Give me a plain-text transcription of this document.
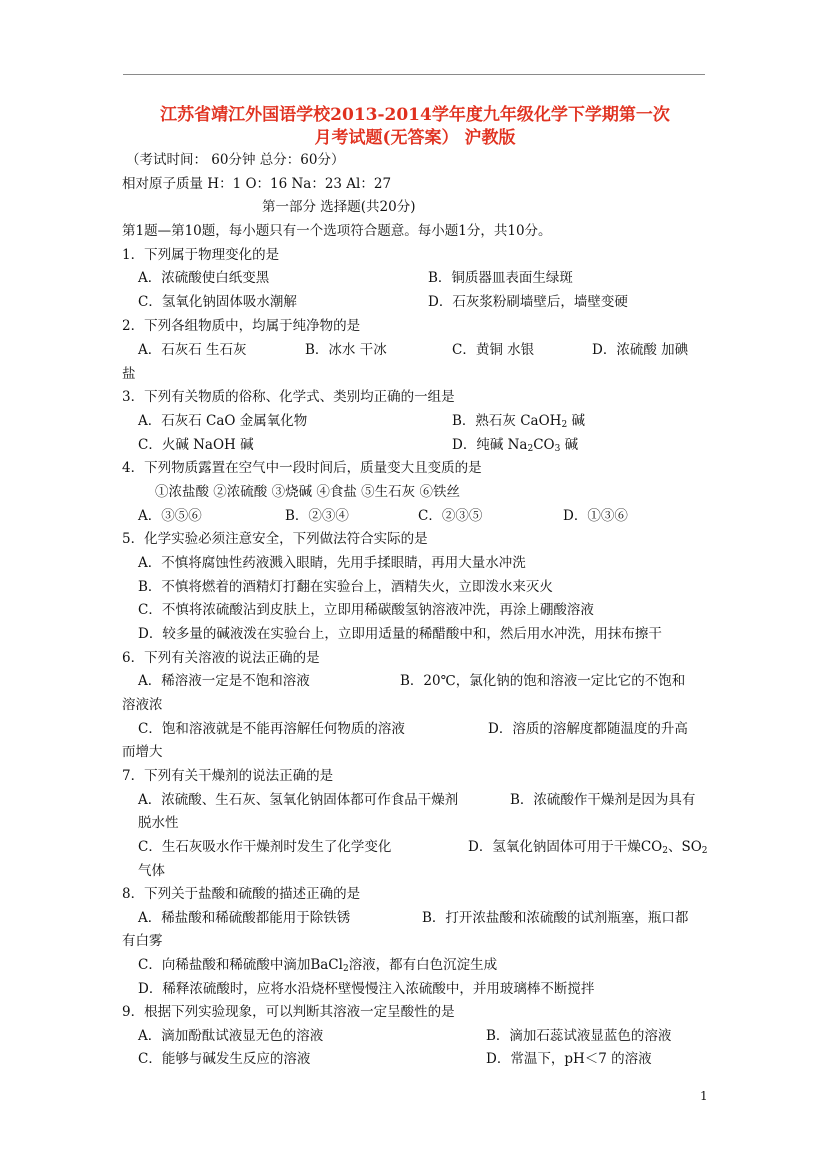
江苏省靖江外国语学校2013-2014学年度九年级化学下学期第一次
月考试题(无答案） 沪教版
（考试时间： 60分钟 总分：60分）
相对原子质量 H：1 O：16 Na：23 Al：27
第一部分 选择题(共20分)
第1题—第10题，每小题只有一个选项符合题意。每小题1分，共10分。
1．下列属于物理变化的是
A．浓硫酸使白纸变黑	B．铜质器皿表面生绿斑
C．氢氧化钠固体吸水潮解	D．石灰浆粉刷墙壁后，墙壁变硬
2．下列各组物质中，均属于纯净物的是
A．石灰石 生石灰	B．冰水 干冰	C．黄铜 水银	D．浓硫酸 加碘
盐
3．下列有关物质的俗称、化学式、类别均正确的一组是
A．石灰石 CaO 金属氧化物	B．熟石灰 CaOH$_2$ 碱
C．火碱 NaOH 碱	D．纯碱 $Na_2CO_3$ 碱
4．下列物质露置在空气中一段时间后，质量变大且变质的是
①浓盐酸 ②浓硫酸 ③烧碱 ④食盐 ⑤生石灰 ⑥铁丝
A．③⑤⑥	B．②③④	C．②③⑤	D．①③⑥
5．化学实验必须注意安全，下列做法符合实际的是
A．不慎将腐蚀性药液溅入眼睛，先用手揉眼睛，再用大量水冲洗
B．不慎将燃着的酒精灯打翻在实验台上，酒精失火，立即泼水来灭火
C．不慎将浓硫酸沾到皮肤上，立即用稀碳酸氢钠溶液冲洗，再涂上硼酸溶液
D．较多量的碱液泼在实验台上，立即用适量的稀醋酸中和，然后用水冲洗，用抹布擦干
6．下列有关溶液的说法正确的是
A．稀溶液一定是不饱和溶液	B．20℃，氯化钠的饱和溶液一定比它的不饱和
溶液浓
C．饱和溶液就是不能再溶解任何物质的溶液	D．溶质的溶解度都随温度的升高
而增大
7．下列有关干燥剂的说法正确的是
A．浓硫酸、生石灰、氢氧化钠固体都可作食品干燥剂	B．浓硫酸作干燥剂是因为具有
脱水性
C．生石灰吸水作干燥剂时发生了化学变化	D．氢氧化钠固体可用于干燥$CO_2$、$SO_2$
气体
8．下列关于盐酸和硫酸的描述正确的是
A．稀盐酸和稀硫酸都能用于除铁锈	B．打开浓盐酸和浓硫酸的试剂瓶塞，瓶口都
有白雾
C．向稀盐酸和稀硫酸中滴加BaCl$_2$溶液，都有白色沉淀生成
D．稀释浓硫酸时，应将水沿烧杯壁慢慢注入浓硫酸中，并用玻璃棒不断搅拌
9．根据下列实验现象，可以判断其溶液一定呈酸性的是
A．滴加酚酞试液显无色的溶液	B．滴加石蕊试液显蓝色的溶液
C．能够与碱发生反应的溶液	D．常温下，pH＜7 的溶液
1
